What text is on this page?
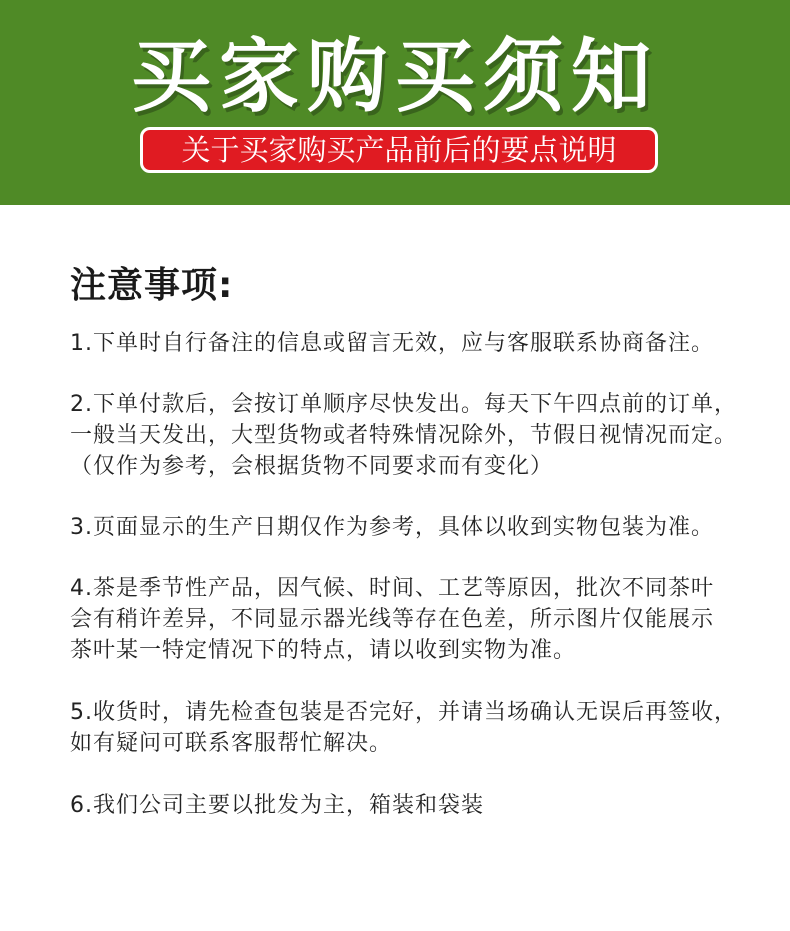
买家购买须知
关于买家购买产品前后的要点说明
注意事项:
1.下单时自行备注的信息或留言无效，应与客服联系协商备注。
2.下单付款后，会按订单顺序尽快发出。每天下午四点前的订单，
一般当天发出，大型货物或者特殊情况除外，节假日视情况而定。
（仅作为参考，会根据货物不同要求而有变化）
3.页面显示的生产日期仅作为参考，具体以收到实物包装为准。
4.茶是季节性产品，因气候、时间、工艺等原因，批次不同茶叶
会有稍许差异，不同显示器光线等存在色差，所示图片仅能展示
茶叶某一特定情况下的特点，请以收到实物为准。
5.收货时，请先检查包装是否完好，并请当场确认无误后再签收，
如有疑问可联系客服帮忙解决。
6.我们公司主要以批发为主，箱装和袋装
